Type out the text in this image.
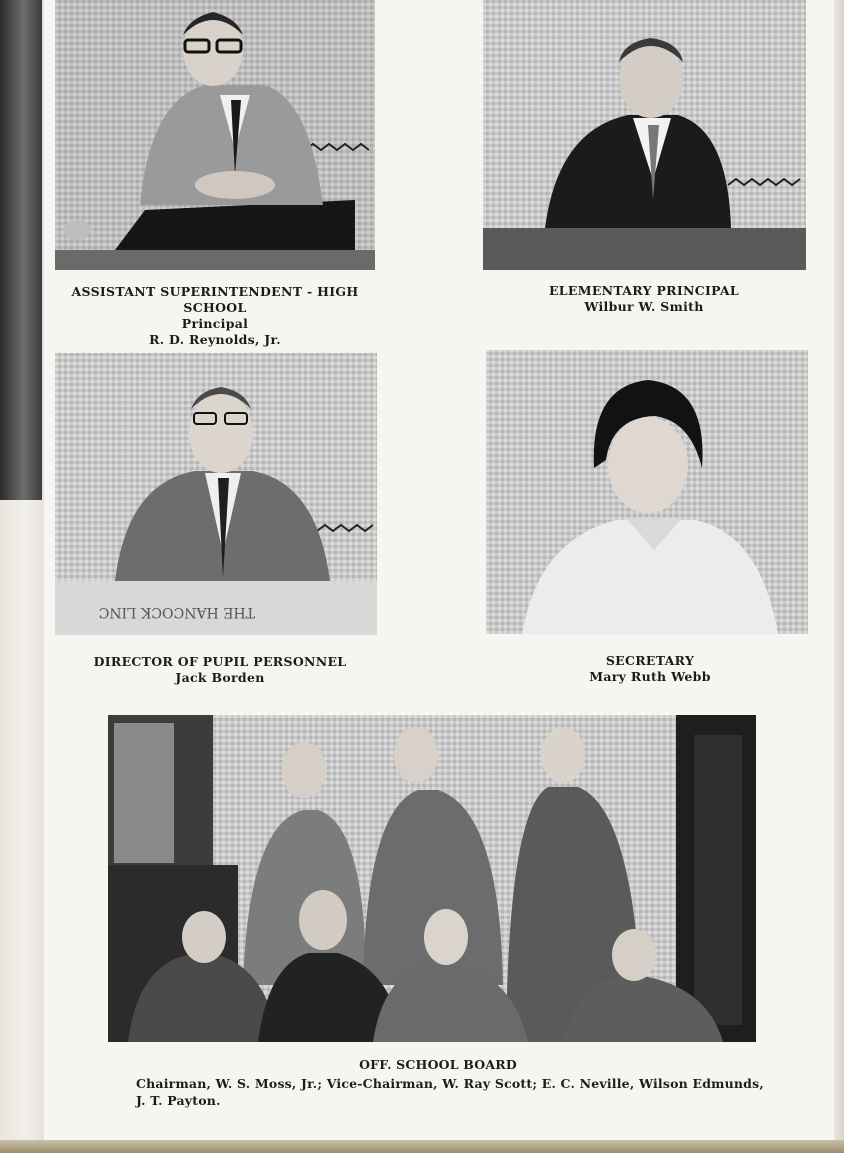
THE HANCOCK LINC
ASSISTANT SUPERINTENDENT - HIGH SCHOOL
Principal
R. D. Reynolds, Jr.
ELEMENTARY PRINCIPAL
Wilbur W. Smith
DIRECTOR OF PUPIL PERSONNEL
Jack Borden
SECRETARY
Mary Ruth Webb
OFF. SCHOOL BOARD
Chairman, W. S. Moss, Jr.; Vice-Chairman, W. Ray Scott; E. C. Neville, Wilson Edmunds, J. T. Payton.
